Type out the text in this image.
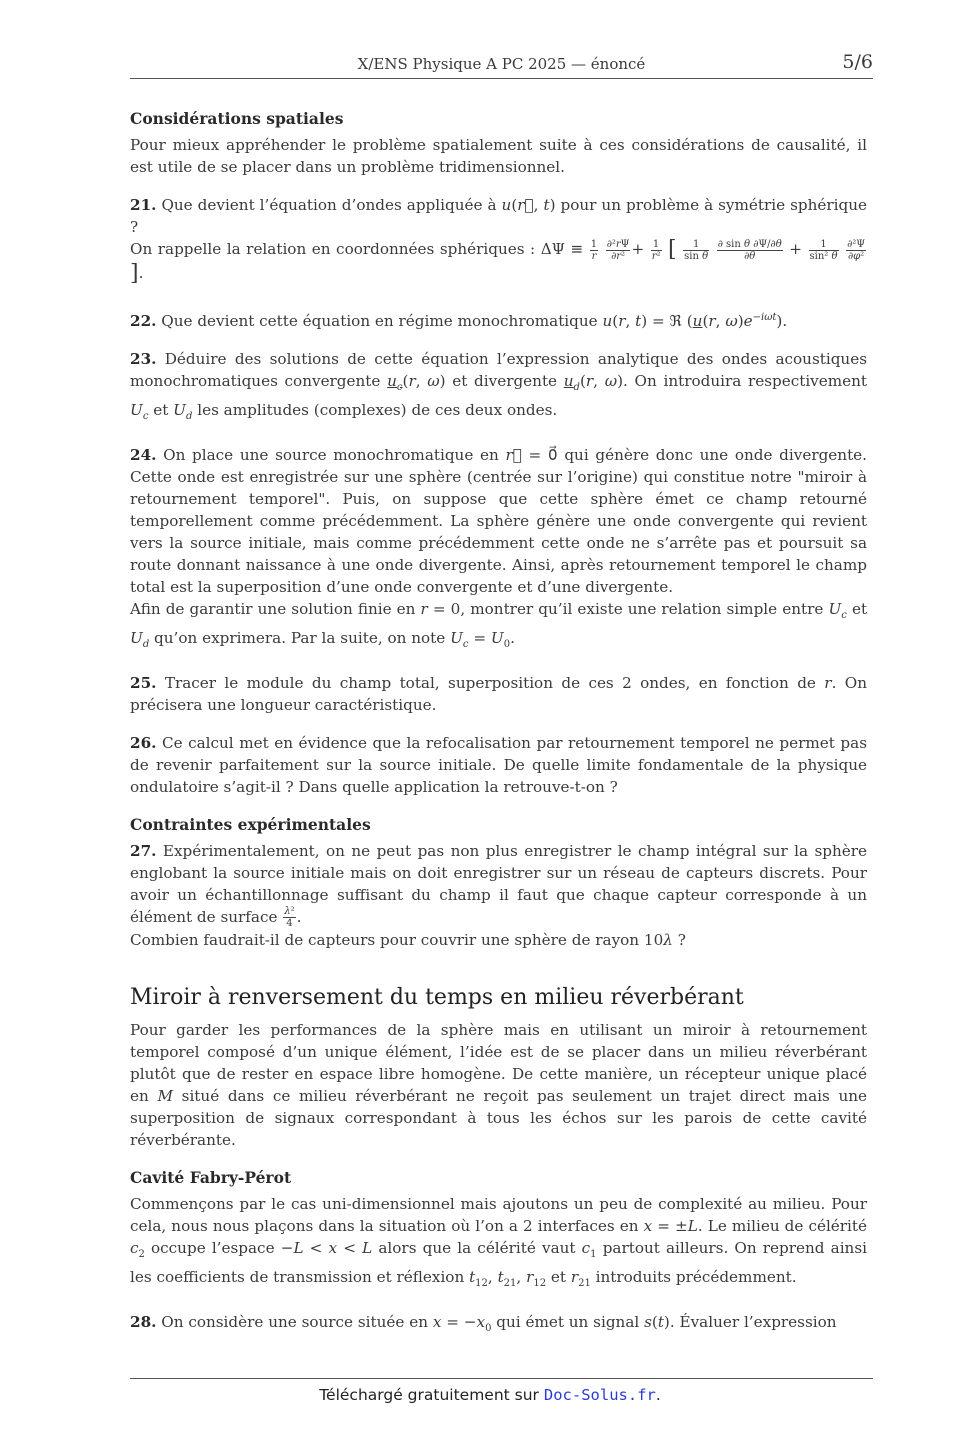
X/ENS Physique A PC 2025 — énoncé	5/6
Considérations spatiales

Pour mieux appréhender le problème spatialement suite à ces considérations de causalité, il est utile de se placer dans un problème tridimensionnel.

21. Que devient l’équation d’ondes appliquée à u(r⃗, t) pour un problème à symétrie sphérique ?
On rappelle la relation en coordonnées sphériques : $\Delta\Psi \equiv \frac{1}{r}$
$\frac{\text{∂²rΨ}}{\text{∂r²}} + \frac{1}{\text{r²}}$ [ $\frac{1}{\text{sin θ}}$
$\frac{\text{∂ sin θ ∂Ψ/∂θ}}{\partial\theta} + \frac{1}{\text{sin² θ}}$
$\frac{\text{∂²Ψ}}{\text{∂φ²}}$
].

22. Que devient cette équation en régime monochromatique u(r, t) = ℜ (u(r, $\omega)e^{-i\omega t}$).

23. Déduire des solutions de cette équation l’expression analytique des ondes acoustiques monochromatiques convergente $u_c(r$, ω) et divergente $u_d(r$, ω). On introduira respectivement $U_c$ et $U_d$ les amplitudes (complexes) de ces deux ondes.

24. On place une source monochromatique en r⃗ = 0⃗ qui génère donc une onde divergente. Cette onde est enregistrée sur une sphère (centrée sur l’origine) qui constitue notre "miroir à retournement temporel". Puis, on suppose que cette sphère émet ce champ retourné temporellement comme précédemment. La sphère génère une onde convergente qui revient vers la source initiale, mais comme précédemment cette onde ne s’arrête pas et poursuit sa route donnant naissance à une onde divergente. Ainsi, après retournement temporel le champ total est la superposition d’une onde convergente et d’une divergente.

Afin de garantir une solution finie en r = 0, montrer qu’il existe une relation simple entre $U_c$ et $U_d$ qu’on exprimera. Par la suite, on note $U_c = U_0$.

25. Tracer le module du champ total, superposition de ces 2 ondes, en fonction de r. On précisera une longueur caractéristique.

26. Ce calcul met en évidence que la refocalisation par retournement temporel ne permet pas de revenir parfaitement sur la source initiale. De quelle limite fondamentale de la physique ondulatoire s’agit-il ? Dans quelle application la retrouve-t-on ?

Contraintes expérimentales

27. Expérimentalement, on ne peut pas non plus enregistrer le champ intégral sur la sphère englobant la source initiale mais on doit enregistrer sur un réseau de capteurs discrets. Pour avoir un échantillonnage suffisant du champ il faut que chaque capteur corresponde à un élément de surface $\frac{\text{λ²}}{4}$ .
Combien faudrait-il de capteurs pour couvrir une sphère de rayon 10λ ?

Miroir à renversement du temps en milieu réverbérant

Pour garder les performances de la sphère mais en utilisant un miroir à retournement temporel composé d’un unique élément, l’idée est de se placer dans un milieu réverbérant plutôt que de rester en espace libre homogène. De cette manière, un récepteur unique placé en M situé dans ce milieu réverbérant ne reçoit pas seulement un trajet direct mais une superposition de signaux correspondant à tous les échos sur les parois de cette cavité réverbérante.

Cavité Fabry-Pérot

Commençons par le cas uni-dimensionnel mais ajoutons un peu de complexité au milieu. Pour cela, nous nous plaçons dans la situation où l’on a 2 interfaces en x = ±L. Le milieu de célérité $c_2$ occupe l’espace −L < x < L alors que la célérité vaut $c_1$ partout ailleurs. On reprend ainsi les coefficients de transmission et réflexion $t_{12}$, $t_{21}$, $r_{12}$ et $r_{21}$ introduits précédemment.

28. On considère une source située en $x = -x_0$ qui émet un signal s(t). Évaluer l’expression

Téléchargé gratuitement sur Doc-Solus.fr.
